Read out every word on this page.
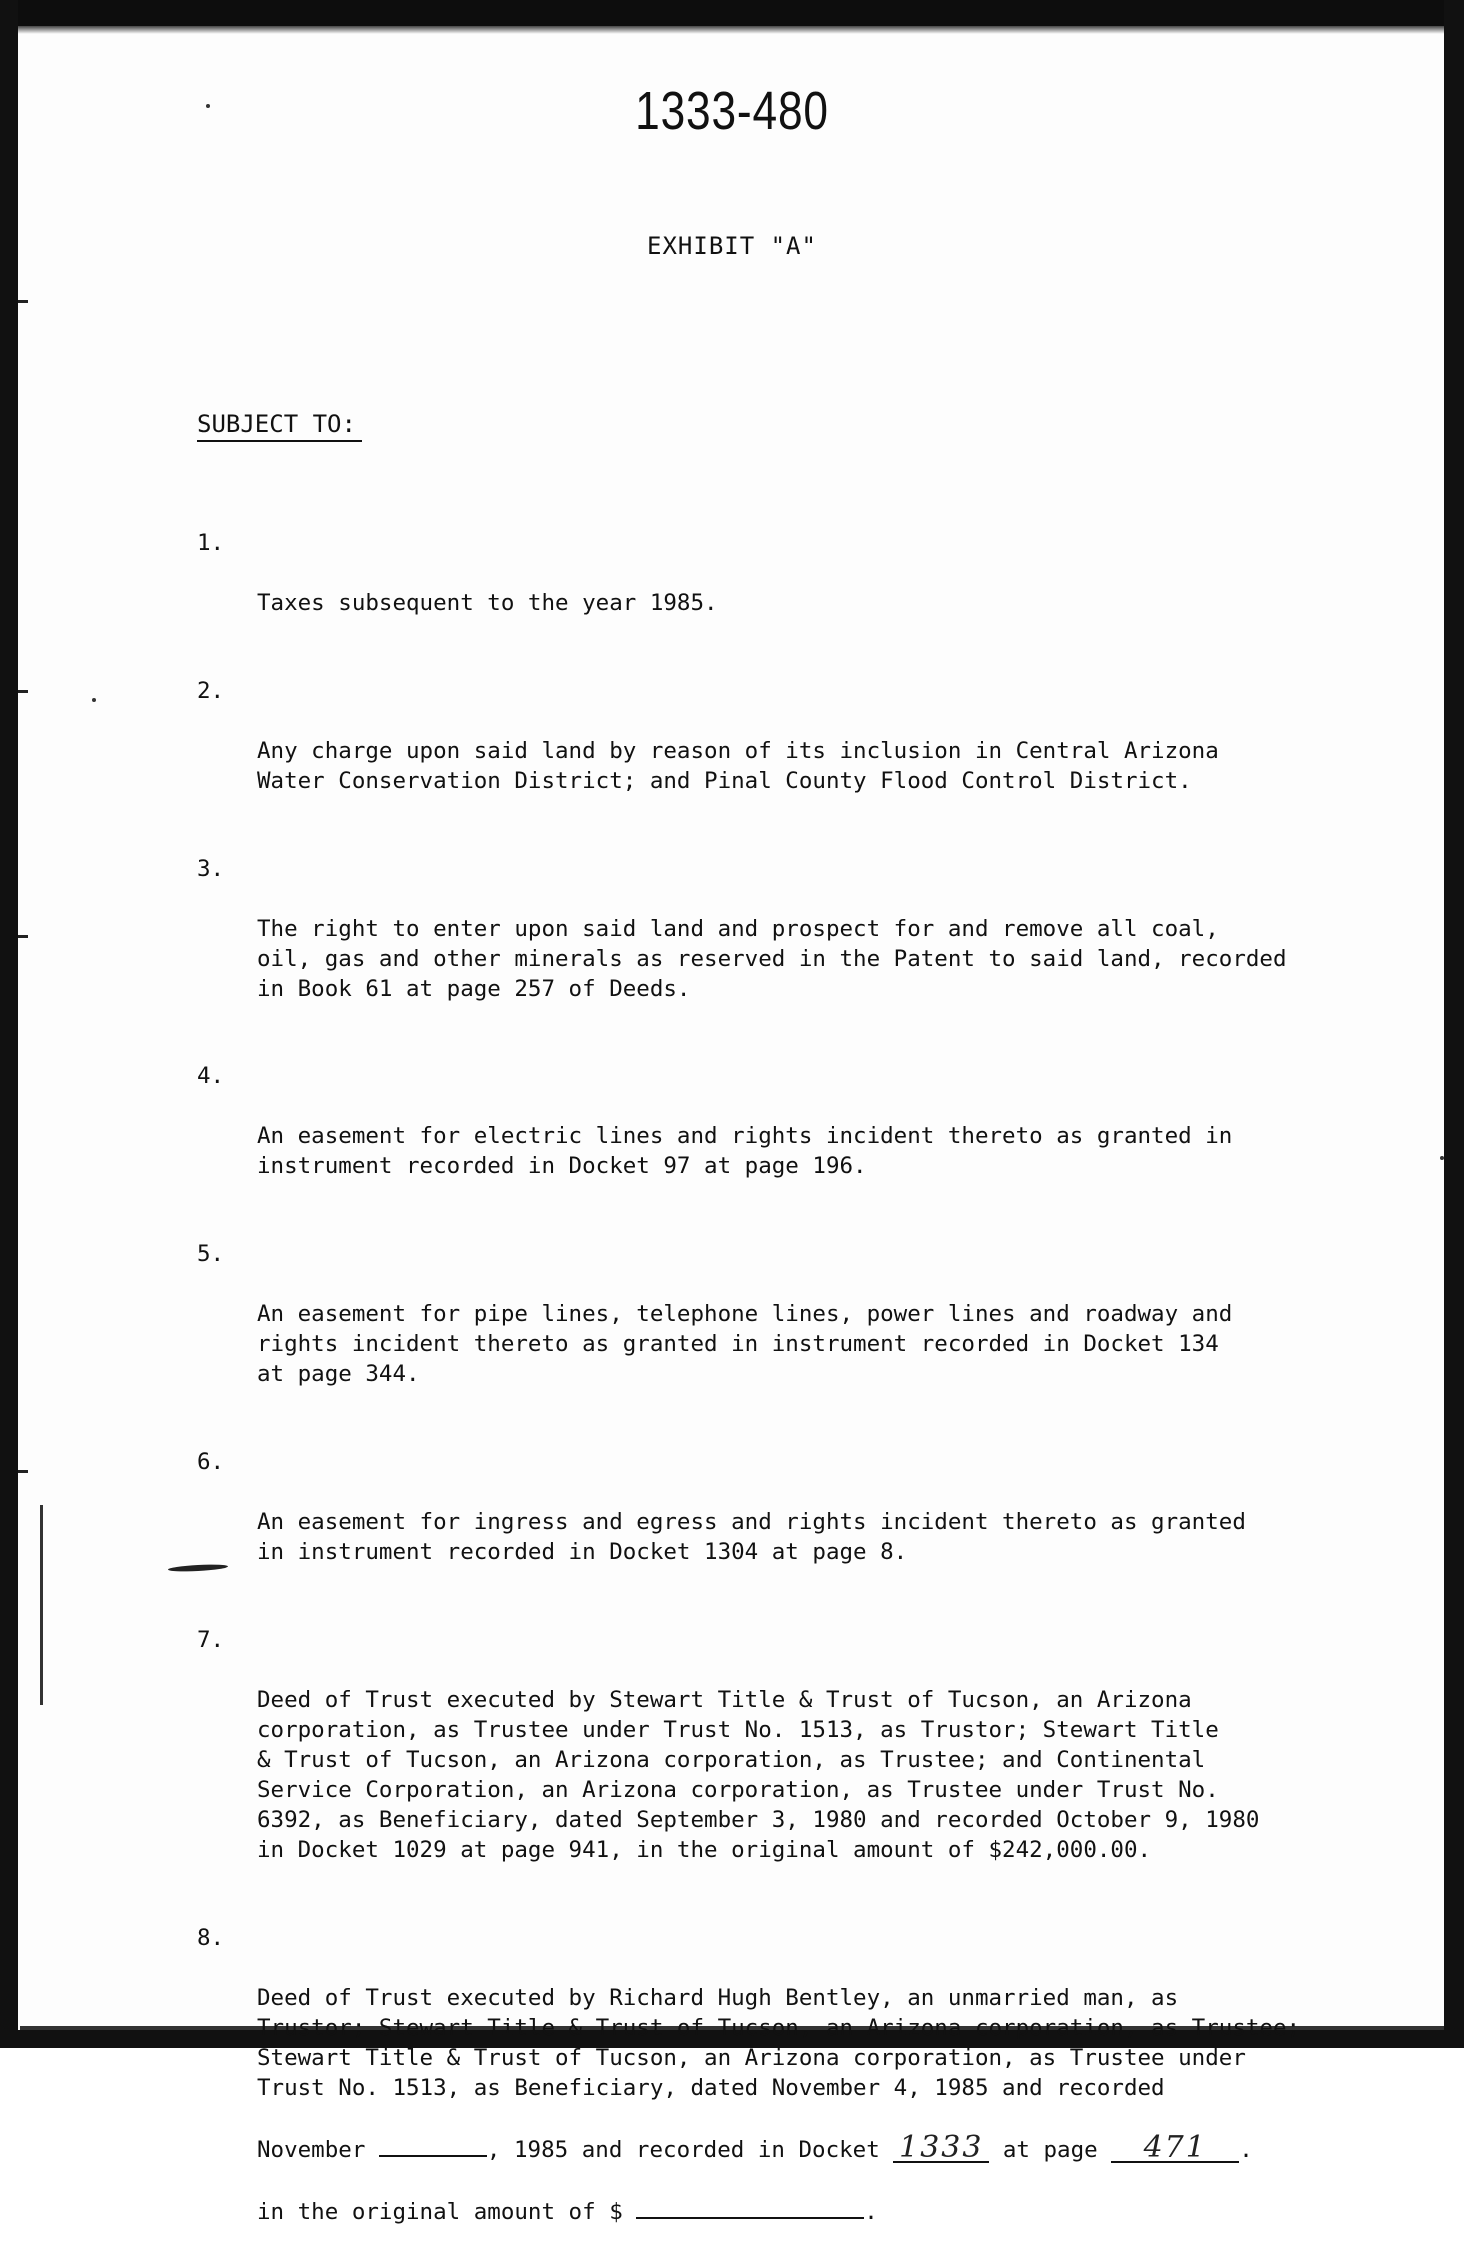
1333-480
EXHIBIT "A"
SUBJECT TO:

1.

Taxes subsequent to the year 1985.

2.

Any charge upon said land by reason of its inclusion in Central Arizona
Water Conservation District; and Pinal County Flood Control District.

3.

The right to enter upon said land and prospect for and remove all coal,
oil, gas and other minerals as reserved in the Patent to said land, recorded
in Book 61 at page 257 of Deeds.

4.

An easement for electric lines and rights incident thereto as granted in
instrument recorded in Docket 97 at page 196.

5.

An easement for pipe lines, telephone lines, power lines and roadway and
rights incident thereto as granted in instrument recorded in Docket 134
at page 344.

6.

An easement for ingress and egress and rights incident thereto as granted
in instrument recorded in Docket 1304 at page 8.

7.

Deed of Trust executed by Stewart Title & Trust of Tucson, an Arizona
corporation, as Trustee under Trust No. 1513, as Trustor; Stewart Title
& Trust of Tucson, an Arizona corporation, as Trustee; and Continental
Service Corporation, an Arizona corporation, as Trustee under Trust No.
6392, as Beneficiary, dated September 3, 1980 and recorded October 9, 1980
in Docket 1029 at page 941, in the original amount of $242,000.00.

8.

Deed of Trust executed by Richard Hugh Bentley, an unmarried man, as
Trustor; Stewart Title & Trust of Tucson, an Arizona corporation, as Trustee;
Stewart Title & Trust of Tucson, an Arizona corporation, as Trustee under
Trust No. 1513, as Beneficiary, dated November 4, 1985 and recorded

November	, 1985 and recorded in Docket 1333 at page 471 .

in the original amount of $	.
